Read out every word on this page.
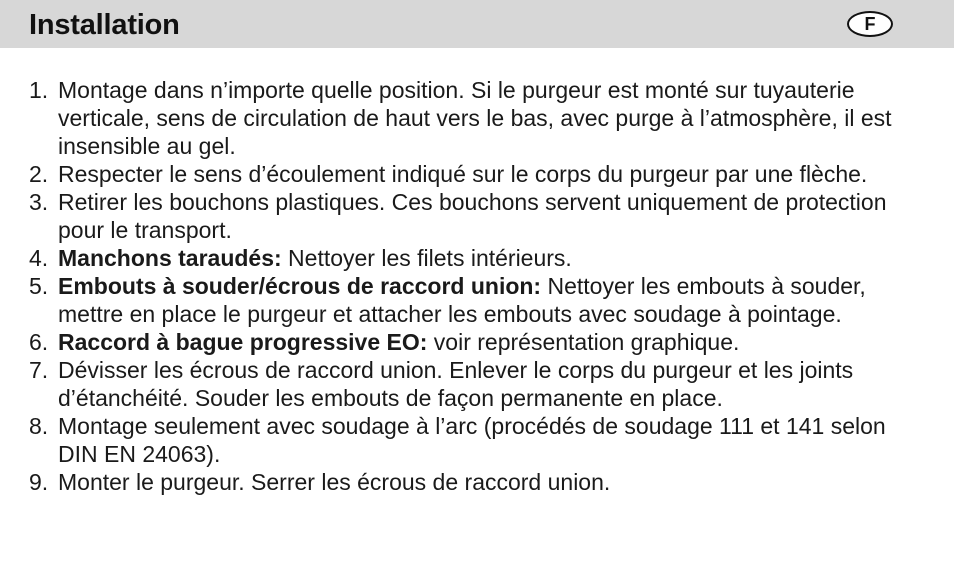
Installation	F
1. Montage dans n’importe quelle position. Si le purgeur est monté sur tuyauterie verticale, sens de circulation de haut vers le bas, avec purge à l’atmosphère, il est insensible au gel.
2. Respecter le sens d’écoulement indiqué sur le corps du purgeur par une flèche.
3. Retirer les bouchons plastiques. Ces bouchons servent uniquement de protection pour le transport.
4. Manchons taraudés: Nettoyer les filets intérieurs.
5. Embouts à souder/écrous de raccord union: Nettoyer les embouts à souder, mettre en place le purgeur et attacher les embouts avec soudage à pointage.
6. Raccord à bague progressive EO: voir représentation graphique.
7. Dévisser les écrous de raccord union. Enlever le corps du purgeur et les joints d’étanchéité. Souder les embouts de façon permanente en place.
8. Montage seulement avec soudage à l’arc (procédés de soudage 111 et 141 selon DIN EN 24063).
9. Monter le purgeur. Serrer les écrous de raccord union.
